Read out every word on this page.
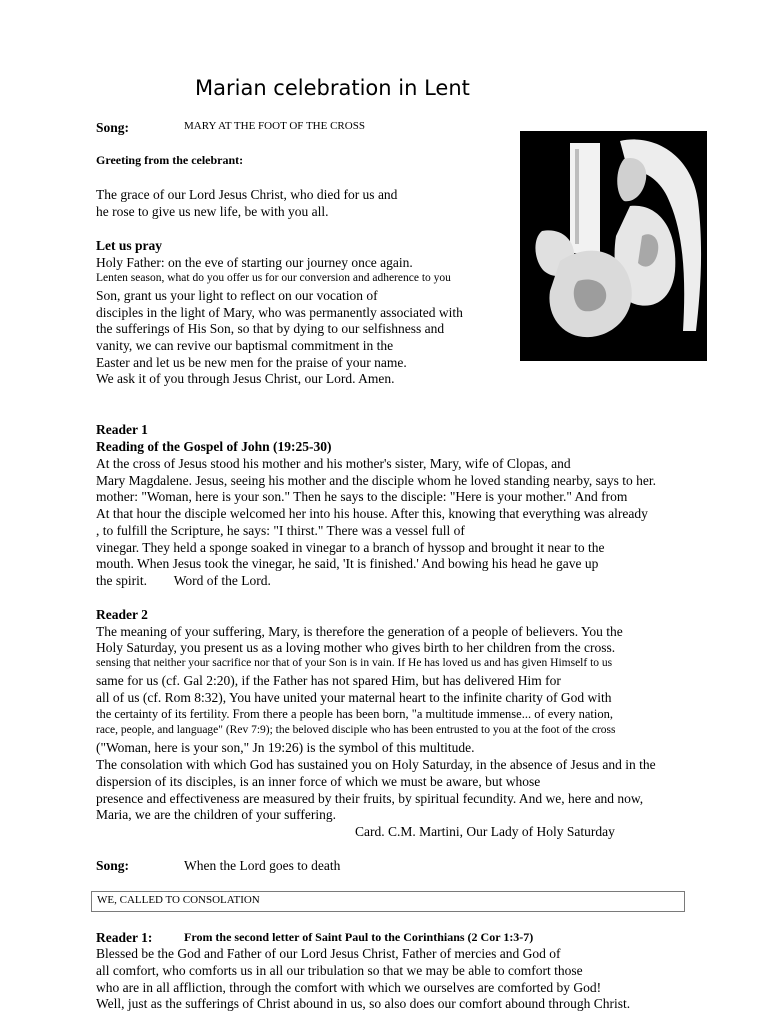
Marian celebration in Lent
Song:	MARY AT THE FOOT OF THE CROSS
Greeting from the celebrant:
The grace of our Lord Jesus Christ, who died for us and
he rose to give us new life, be with you all.
Let us pray
Holy Father: on the eve of starting our journey once again.
Lenten season, what do you offer us for our conversion and adherence to you
Son, grant us your light to reflect on our vocation of
disciples in the light of Mary, who was permanently associated with
the sufferings of His Son, so that by dying to our selfishness and
vanity, we can revive our baptismal commitment in the
Easter and let us be new men for the praise of your name.
We ask it of you through Jesus Christ, our Lord. Amen.
Reader 1
Reading of the Gospel of John (19:25-30)
At the cross of Jesus stood his mother and his mother's sister, Mary, wife of Clopas, and
Mary Magdalene. Jesus, seeing his mother and the disciple whom he loved standing nearby, says to her.
mother: "Woman, here is your son." Then he says to the disciple: "Here is your mother." And from
At that hour the disciple welcomed her into his house. After this, knowing that everything was already
, to fulfill the Scripture, he says: "I thirst." There was a vessel full of
vinegar. They held a sponge soaked in vinegar to a branch of hyssop and brought it near to the
mouth. When Jesus took the vinegar, he said, 'It is finished.' And bowing his head he gave up
the spirit.        Word of the Lord.
Reader 2
The meaning of your suffering, Mary, is therefore the generation of a people of believers. You the
Holy Saturday, you present us as a loving mother who gives birth to her children from the cross.
sensing that neither your sacrifice nor that of your Son is in vain. If He has loved us and has given Himself to us
same for us (cf. Gal 2:20), if the Father has not spared Him, but has delivered Him for
all of us (cf. Rom 8:32), You have united your maternal heart to the infinite charity of God with
the certainty of its fertility. From there a people has been born, "a multitude immense... of every nation,
race, people, and language" (Rev 7:9); the beloved disciple who has been entrusted to you at the foot of the cross
("Woman, here is your son," Jn 19:26) is the symbol of this multitude.
The consolation with which God has sustained you on Holy Saturday, in the absence of Jesus and in the
dispersion of its disciples, is an inner force of which we must be aware, but whose
presence and effectiveness are measured by their fruits, by spiritual fecundity. And we, here and now,
Maria, we are the children of your suffering.
Card. C.M. Martini, Our Lady of Holy Saturday
Song:	When the Lord goes to death
WE, CALLED TO CONSOLATION
Reader 1:	From the second letter of Saint Paul to the Corinthians (2 Cor 1:3-7)
Blessed be the God and Father of our Lord Jesus Christ, Father of mercies and God of
all comfort, who comforts us in all our tribulation so that we may be able to comfort those
who are in all affliction, through the comfort with which we ourselves are comforted by God!
Well, just as the sufferings of Christ abound in us, so also does our comfort abound through Christ.
